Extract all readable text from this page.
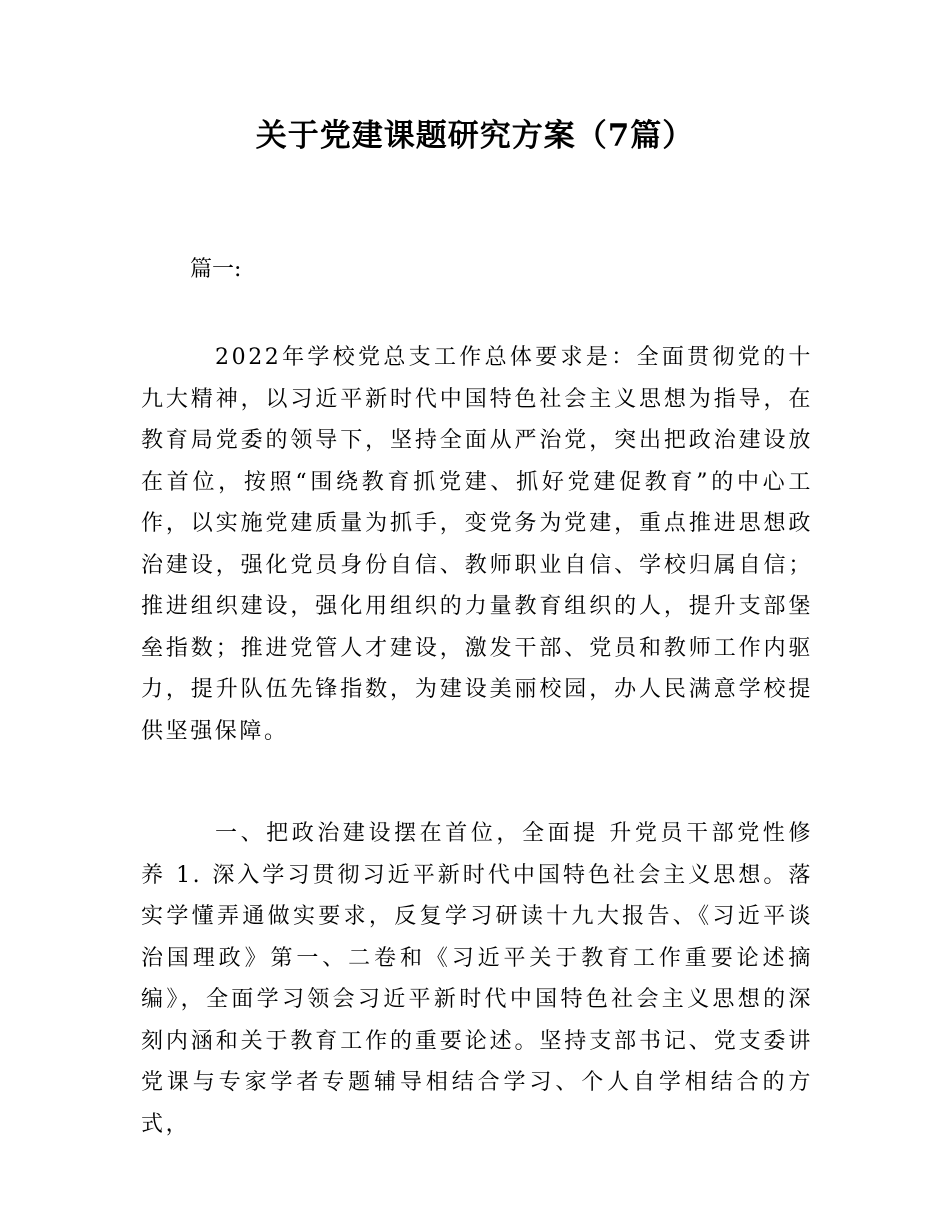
关于党建课题研究方案（7篇）

篇一:

2022年学校党总支工作总体要求是：全面贯彻党的十九大精神，以习近平新时代中国特色社会主义思想为指导，在教育局党委的领导下，坚持全面从严治党，突出把政治建设放在首位，按照“围绕教育抓党建、抓好党建促教育”的中心工作，以实施党建质量为抓手，变党务为党建，重点推进思想政治建设，强化党员身份自信、教师职业自信、学校归属自信；推进组织建设，强化用组织的力量教育组织的人，提升支部堡垒指数；推进党管人才建设，激发干部、党员和教师工作内驱力，提升队伍先锋指数，为建设美丽校园，办人民满意学校提供坚强保障。

一、把政治建设摆在首位，全面提 升党员干部党性修养 1. 深入学习贯彻习近平新时代中国特色社会主义思想。落实学懂弄通做实要求，反复学习研读十九大报告、《习近平谈治国理政》第一、二卷和《习近平关于教育工作重要论述摘编》，全面学习领会习近平新时代中国特色社会主义思想的深刻内涵和关于教育工作的重要论述。坚持支部书记、党支委讲党课与专家学者专题辅导相结合学习、个人自学相结合的方式，
